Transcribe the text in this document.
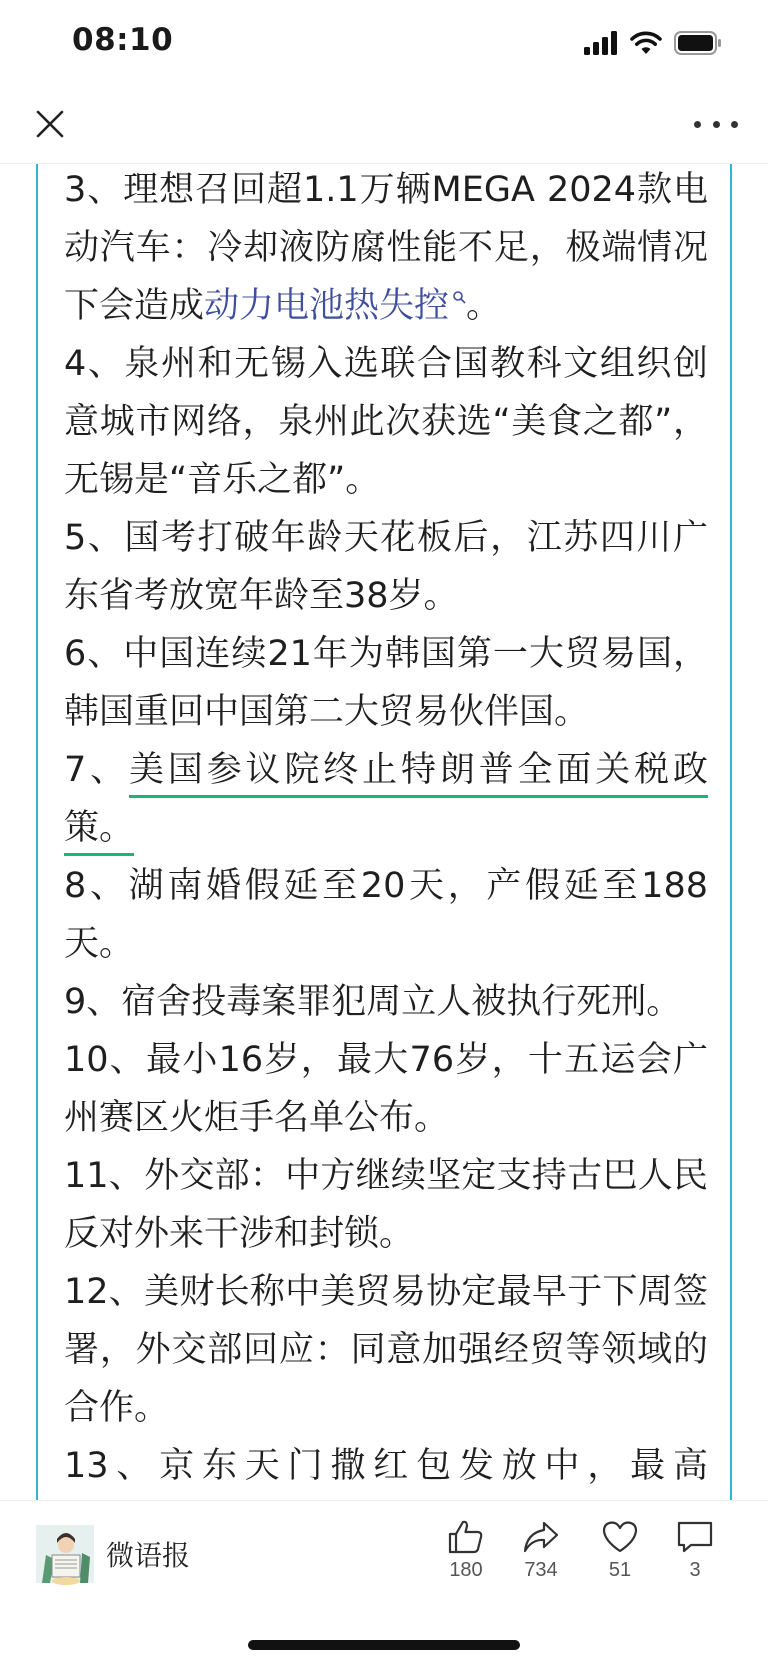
08:10

3、理想召回超1.1万辆MEGA 2024款电动汽车：冷却液防腐性能不足，极端情况下会造成动力电池热失控 。

4、泉州和无锡入选联合国教科文组织创意城市网络，泉州此次获选“美食之都”，无锡是“音乐之都”。

5、国考打破年龄天花板后，江苏四川广东省考放宽年龄至38岁。

6、中国连续21年为韩国第一大贸易国，韩国重回中国第二大贸易伙伴国。

7、美国参议院终止特朗普全面关税政策。

8、湖南婚假延至20天，产假延至188天。

9、宿舍投毒案罪犯周立人被执行死刑。

10、最小16岁，最大76岁，十五运会广州赛区火炬手名单公布。

11、外交部：中方继续坚定支持古巴人民反对外来干涉和封锁。

12、美财长称中美贸易协定最早于下周签署，外交部回应：同意加强经贸等领域的合作。

13、京东天门撒红包发放中，最高

微语报	180 734	51	3
